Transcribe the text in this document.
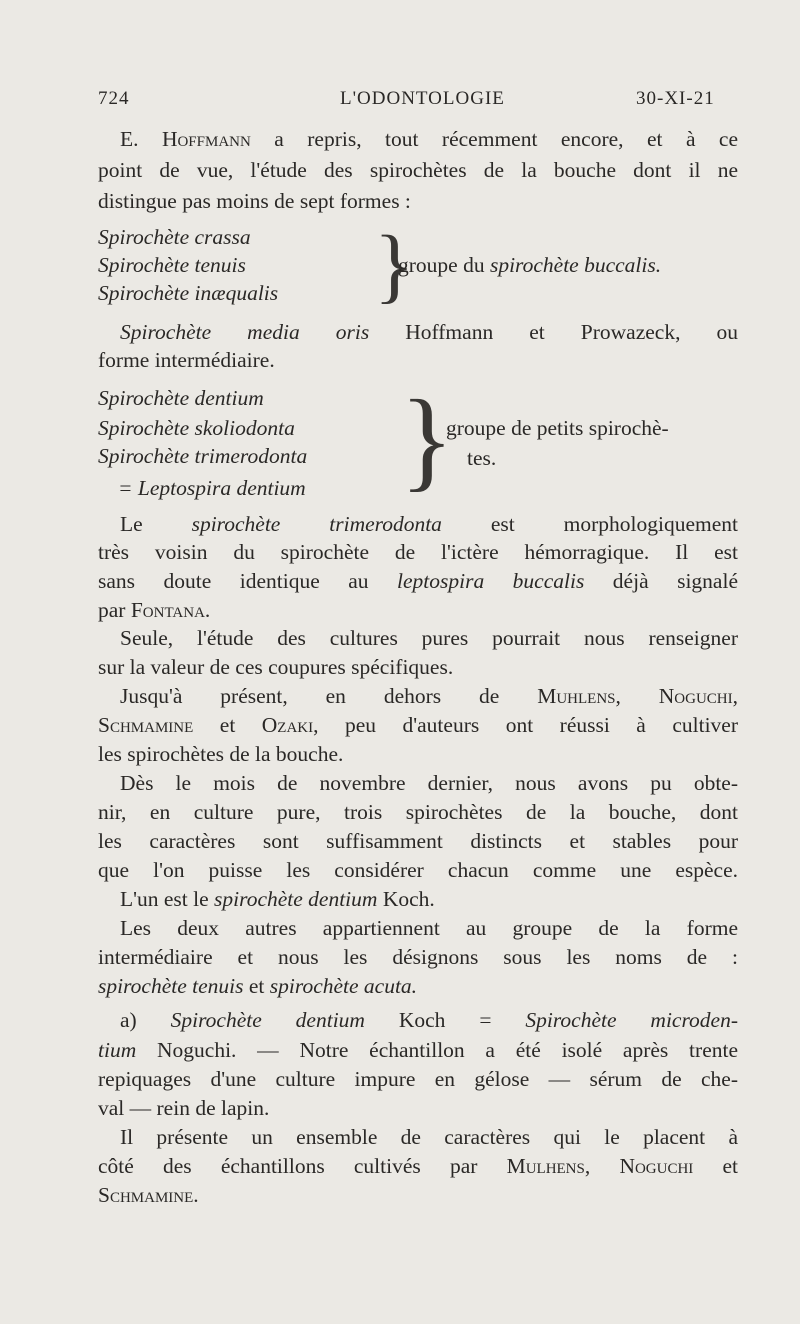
724	L'ODONTOLOGIE	30-XI-21
E. Hoffmann a repris, tout récemment encore, et à ce
point de vue, l'étude des spirochètes de la bouche dont il ne
distingue pas moins de sept formes :
Spirochète crassa
Spirochète tenuis
Spirochète inæqualis }
groupe du spirochète buccalis.
Spirochète media oris Hoffmann et Prowazeck, ou
forme intermédiaire.
Spirochète dentium
Spirochète skoliodonta
Spirochète trimerodonta
= Leptospira dentium }
groupe de petits spirochè-
tes.
Le spirochète trimerodonta est morphologiquement
très voisin du spirochète de l'ictère hémorragique. Il est
sans doute identique au leptospira buccalis déjà signalé
par Fontana.
Seule, l'étude des cultures pures pourrait nous renseigner
sur la valeur de ces coupures spécifiques.
Jusqu'à présent, en dehors de Muhlens, Noguchi,
Schmamine et Ozaki, peu d'auteurs ont réussi à cultiver
les spirochètes de la bouche.
Dès le mois de novembre dernier, nous avons pu obte-
nir, en culture pure, trois spirochètes de la bouche, dont
les caractères sont suffisamment distincts et stables pour
que l'on puisse les considérer chacun comme une espèce.
L'un est le spirochète dentium Koch.
Les deux autres appartiennent au groupe de la forme
intermédiaire et nous les désignons sous les noms de :
spirochète tenuis et spirochète acuta.
a) Spirochète dentium Koch = Spirochète microden-
tium Noguchi. — Notre échantillon a été isolé après trente
repiquages d'une culture impure en gélose — sérum de che-
val — rein de lapin.
Il présente un ensemble de caractères qui le placent à
côté des échantillons cultivés par Mulhens, Noguchi et
Schmamine.
